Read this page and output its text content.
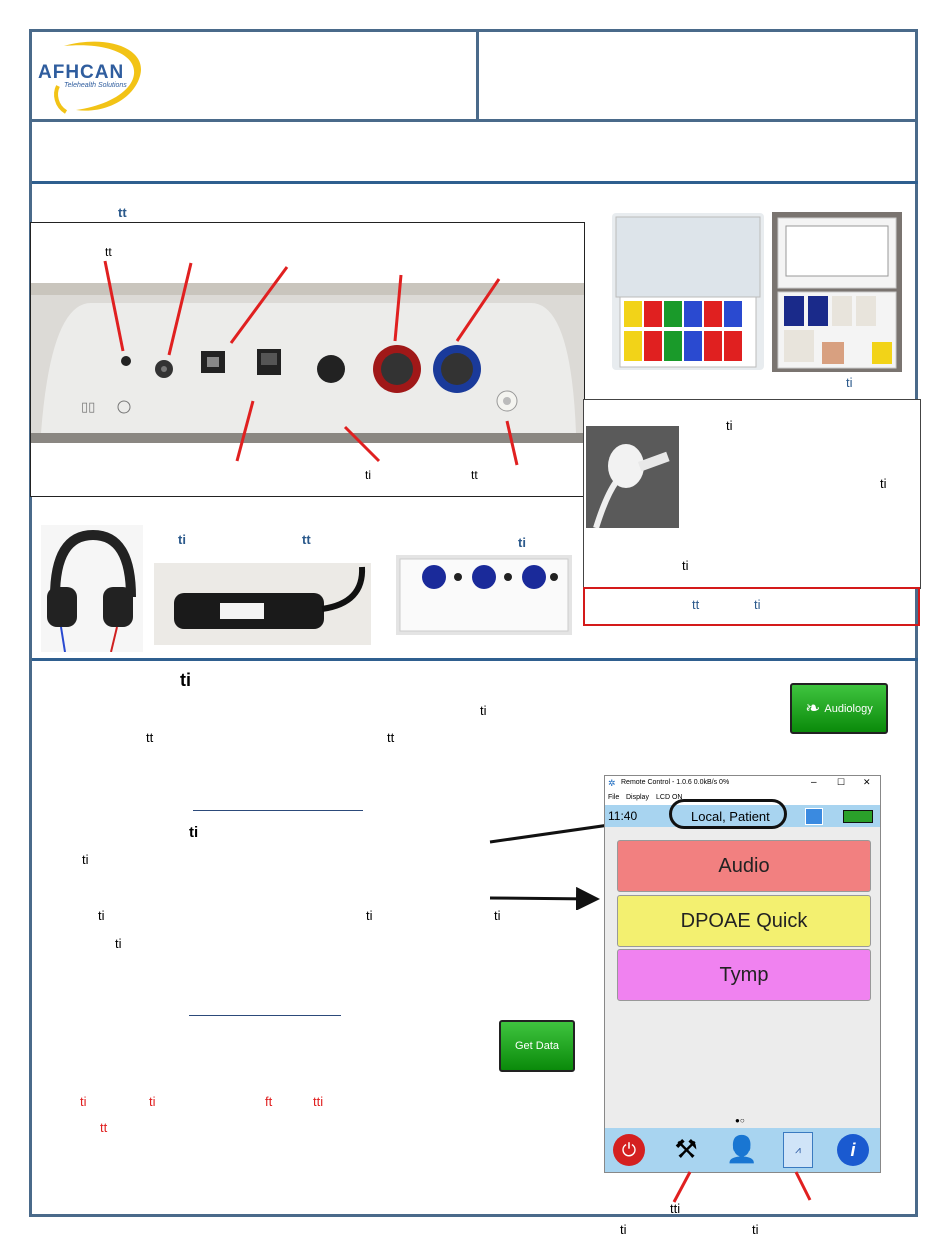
AFHCAN
Telehealth Solutions
tt
tt
▯▯
ti	tt
ti
ti
ti
ti
tt	ti
ti	tt	ti
ti
ti
tt	tt
❧ Audiology
ti
ti
ti	ti	ti
ti
Get Data
ti	ti	ft	tti
tt
✲ Remote Control - 1.0.6 0.0kB/s 0%	– ☐ ✕
File Display LCD ON
11:40	Local, Patient
Audio
DPOAE Quick
Tymp
●○
⏻	⚒ 👤	⩘	i
tti
ti	ti
